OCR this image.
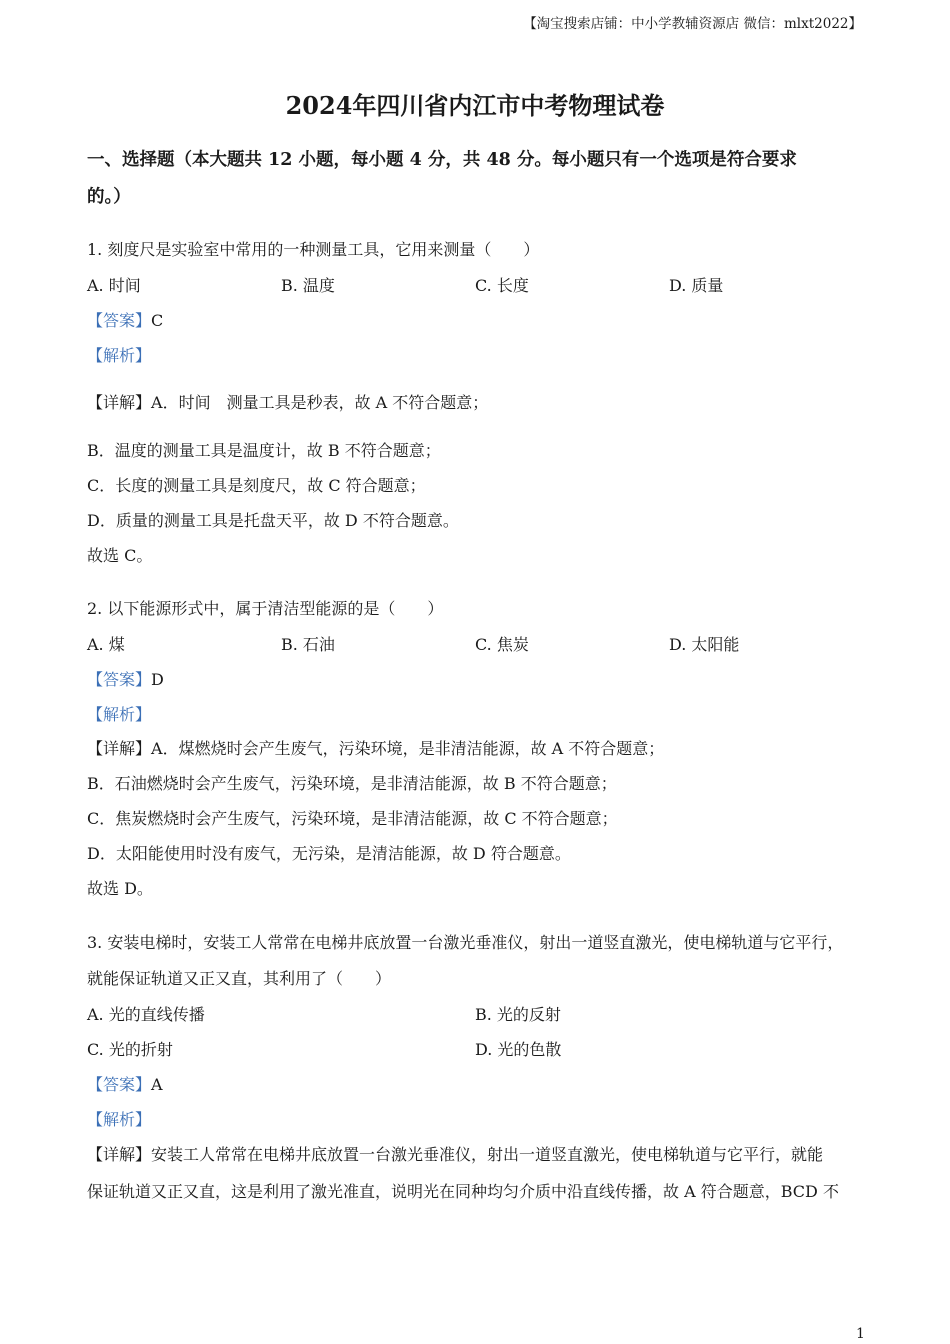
【淘宝搜索店铺：中小学教辅资源店 微信：mlxt2022】
2024年四川省内江市中考物理试卷
一、选择题（本大题共 12 小题，每小题 4 分，共 48 分。每小题只有一个选项是符合要求
的。）
1. 刻度尺是实验室中常用的一种测量工具，它用来测量（　　）
A. 时间	B. 温度	C. 长度	D. 质量
【答案】C
【解析】
【详解】A．时间　测量工具是秒表，故 A 不符合题意；
B．温度的测量工具是温度计，故 B 不符合题意；
C．长度的测量工具是刻度尺，故 C 符合题意；
D．质量的测量工具是托盘天平，故 D 不符合题意。
故选 C。
2. 以下能源形式中，属于清洁型能源的是（　　）
A. 煤	B. 石油	C. 焦炭	D. 太阳能
【答案】D
【解析】
【详解】A．煤燃烧时会产生废气，污染环境，是非清洁能源，故 A 不符合题意；
B．石油燃烧时会产生废气，污染环境，是非清洁能源，故 B 不符合题意；
C．焦炭燃烧时会产生废气，污染环境，是非清洁能源，故 C 不符合题意；
D．太阳能使用时没有废气，无污染，是清洁能源，故 D 符合题意。
故选 D。
3. 安装电梯时，安装工人常常在电梯井底放置一台激光垂准仪，射出一道竖直激光，使电梯轨道与它平行，
就能保证轨道又正又直，其利用了（　　）
A. 光的直线传播	B. 光的反射
C. 光的折射	D. 光的色散
【答案】A
【解析】
【详解】安装工人常常在电梯井底放置一台激光垂准仪，射出一道竖直激光，使电梯轨道与它平行，就能
保证轨道又正又直，这是利用了激光准直，说明光在同种均匀介质中沿直线传播，故 A 符合题意，BCD 不
1
